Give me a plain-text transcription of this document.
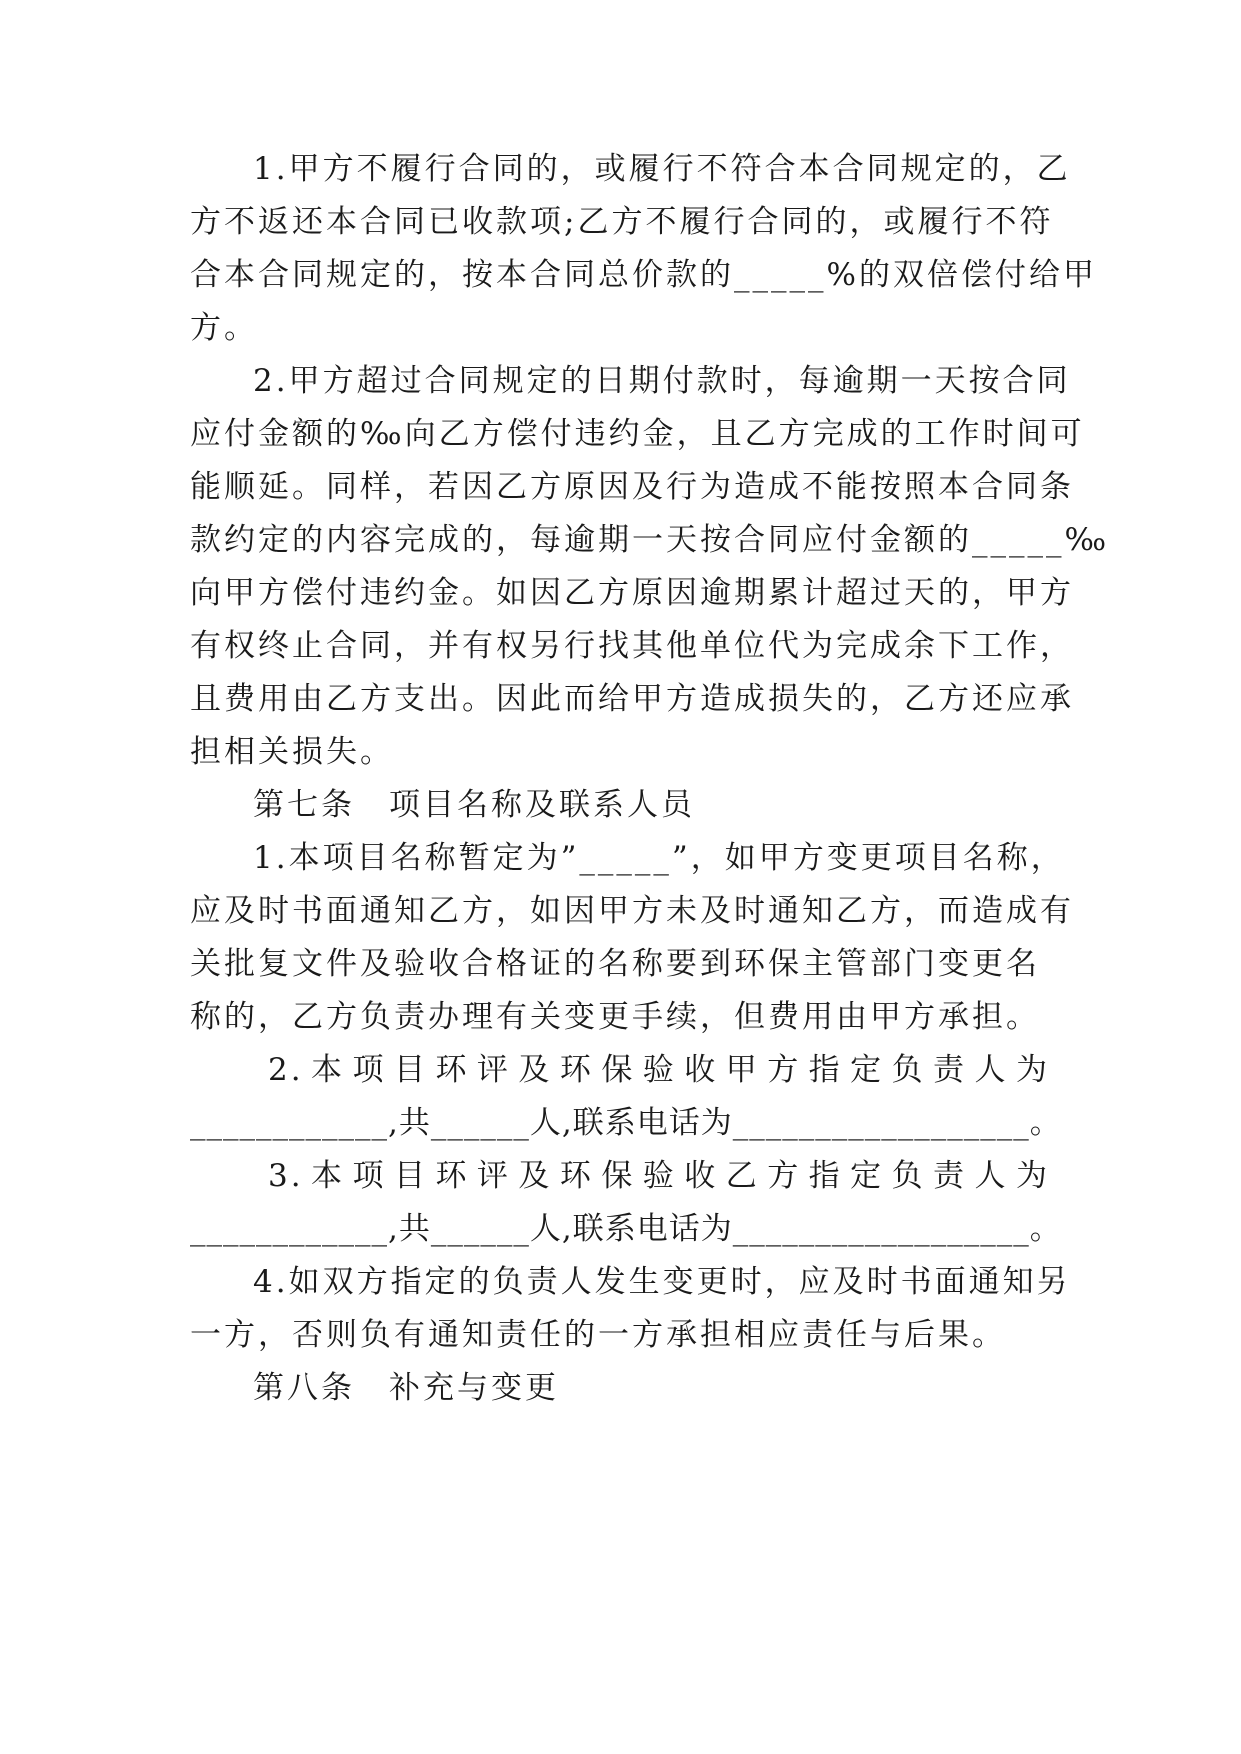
1.甲方不履行合同的，或履行不符合本合同规定的，乙
方不返还本合同已收款项;乙方不履行合同的，或履行不符
合本合同规定的，按本合同总价款的_____%的双倍偿付给甲
方。
2.甲方超过合同规定的日期付款时，每逾期一天按合同
应付金额的‰向乙方偿付违约金，且乙方完成的工作时间可
能顺延。同样，若因乙方原因及行为造成不能按照本合同条
款约定的内容完成的，每逾期一天按合同应付金额的_____‰
向甲方偿付违约金。如因乙方原因逾期累计超过天的，甲方
有权终止合同，并有权另行找其他单位代为完成余下工作，
且费用由乙方支出。因此而给甲方造成损失的，乙方还应承
担相关损失。
第七条　项目名称及联系人员
1.本项目名称暂定为”_____”，如甲方变更项目名称，
应及时书面通知乙方，如因甲方未及时通知乙方，而造成有
关批复文件及验收合格证的名称要到环保主管部门变更名
称的，乙方负责办理有关变更手续，但费用由甲方承担。
2.本项目环评及环保验收甲方指定负责人为
____________,共______人,联系电话为__________________。
3.本项目环评及环保验收乙方指定负责人为
____________,共______人,联系电话为__________________。
4.如双方指定的负责人发生变更时，应及时书面通知另
一方，否则负有通知责任的一方承担相应责任与后果。
第八条　补充与变更
